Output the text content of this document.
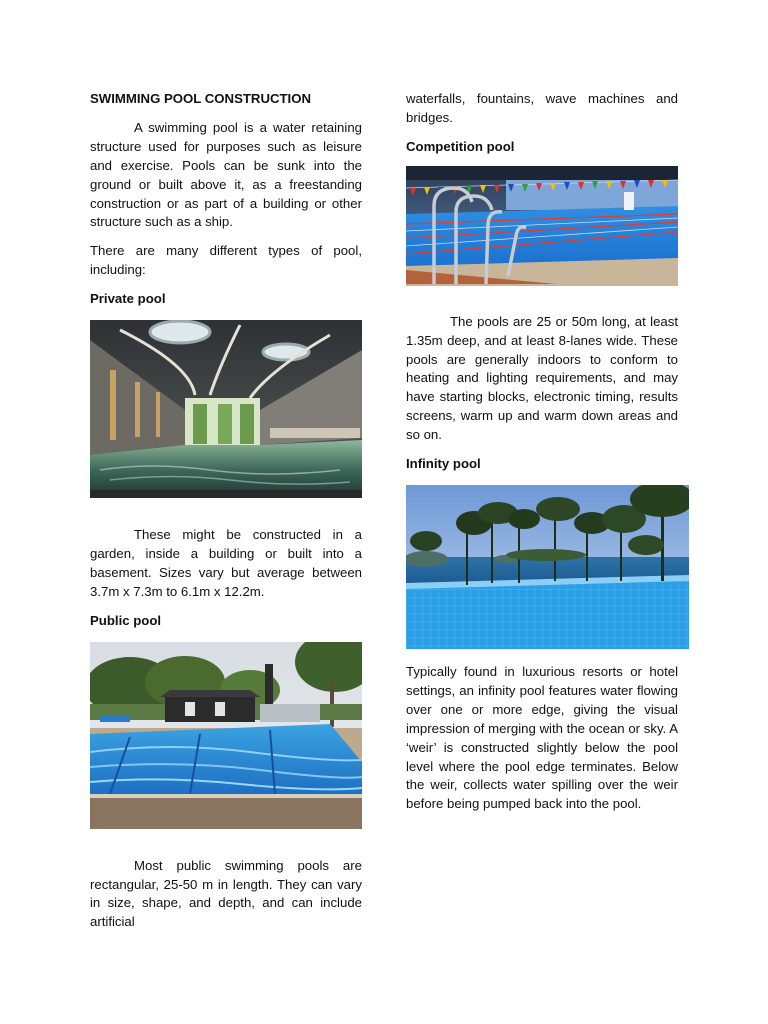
SWIMMING POOL CONSTRUCTION

A swimming pool is a water retaining structure used for purposes such as leisure and exercise. Pools can be sunk into the ground or built above it, as a freestanding construction or as part of a building or other structure such as a ship.

There are many different types of pool, including:

Private pool

These might be constructed in a garden, inside a building or built into a basement. Sizes vary but average between 3.7m x 7.3m to 6.1m x 12.2m.

Public pool

Most public swimming pools are rectangular, 25-50 m in length. They can vary in size, shape, and depth, and can include artificial

waterfalls, fountains, wave machines and bridges.

Competition pool

The pools are 25 or 50m long, at least 1.35m deep, and at least 8-lanes wide. These pools are generally indoors to conform to heating and lighting requirements, and may have starting blocks, electronic timing, results screens, warm up and warm down areas and so on.

Infinity pool

Typically found in luxurious resorts or hotel settings, an infinity pool features water flowing over one or more edge, giving the visual impression of merging with the ocean or sky. A ‘weir’ is constructed slightly below the pool level where the pool edge terminates. Below the weir, collects water spilling over the weir before being pumped back into the pool.
